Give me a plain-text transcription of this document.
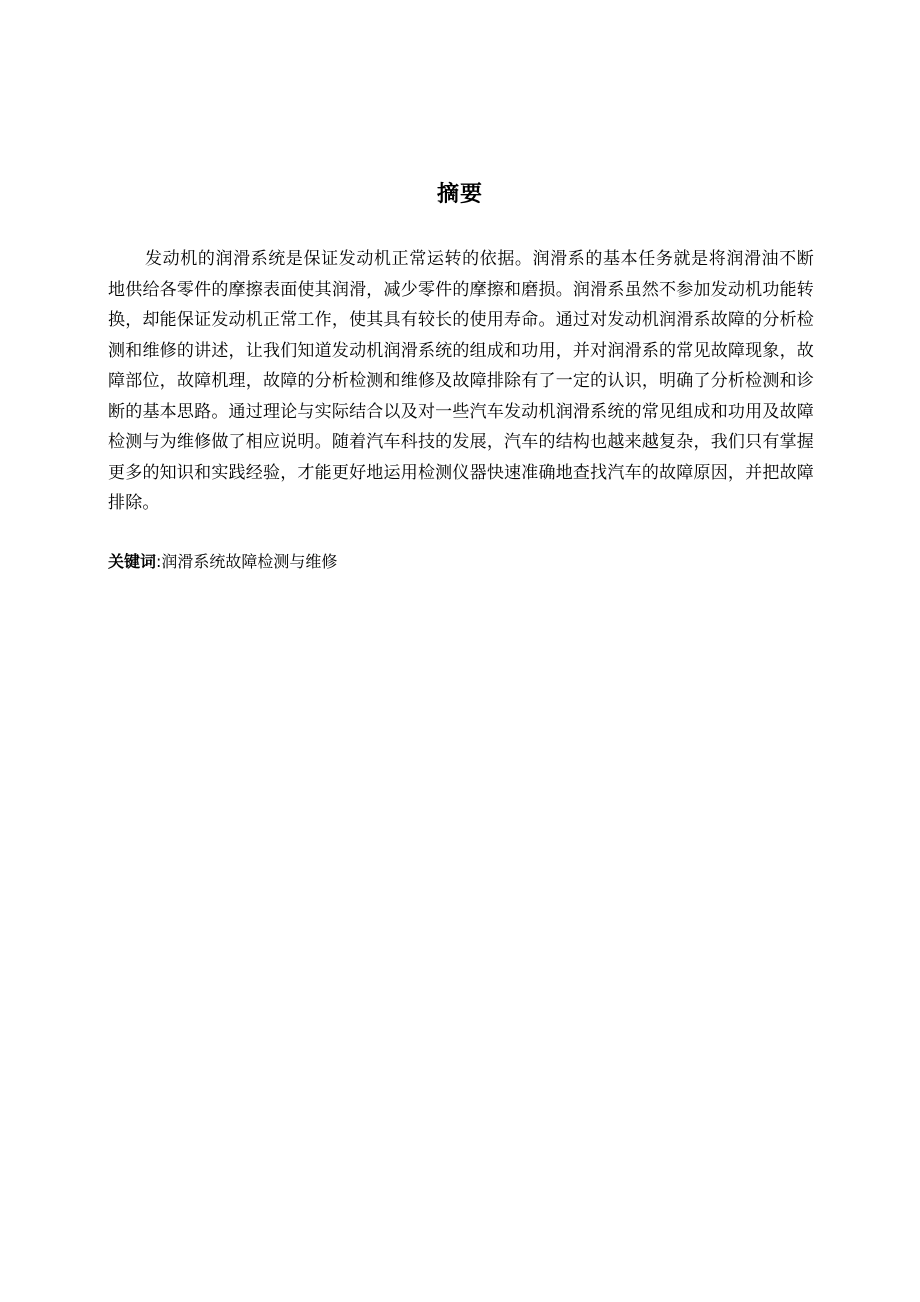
摘要

发动机的润滑系统是保证发动机正常运转的依据。润滑系的基本任务就是将润滑油不断地供给各零件的摩擦表面使其润滑，减少零件的摩擦和磨损。润滑系虽然不参加发动机功能转换，却能保证发动机正常工作，使其具有较长的使用寿命。通过对发动机润滑系故障的分析检测和维修的讲述，让我们知道发动机润滑系统的组成和功用，并对润滑系的常见故障现象，故障部位，故障机理，故障的分析检测和维修及故障排除有了一定的认识，明确了分析检测和诊断的基本思路。通过理论与实际结合以及对一些汽车发动机润滑系统的常见组成和功用及故障检测与为维修做了相应说明。随着汽车科技的发展，汽车的结构也越来越复杂，我们只有掌握更多的知识和实践经验，才能更好地运用检测仪器快速准确地查找汽车的故障原因，并把故障排除。

关键词:润滑系统故障检测与维修
